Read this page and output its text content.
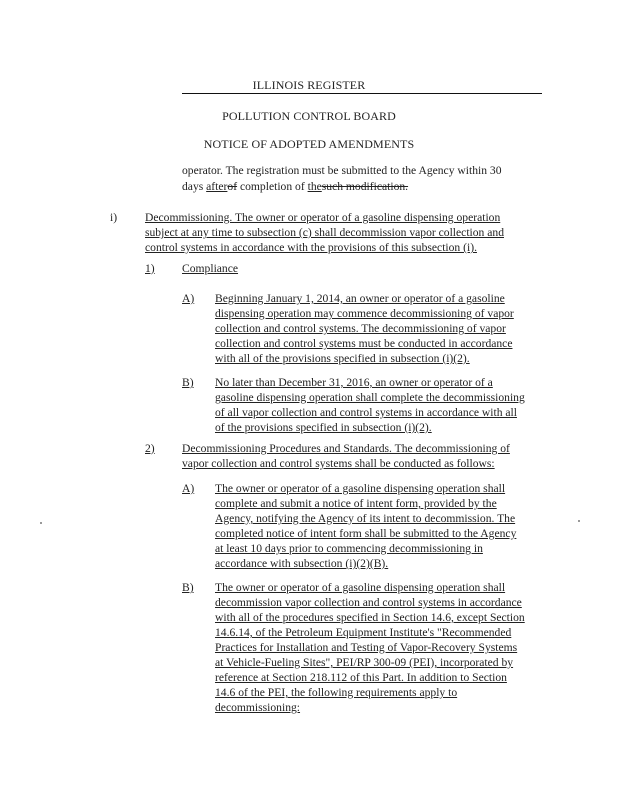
ILLINOIS REGISTER
POLLUTION CONTROL BOARD
NOTICE OF ADOPTED AMENDMENTS
operator. The registration must be submitted to the Agency within 30
days afterof completion of thesuch modification.
i) Decommissioning. The owner or operator of a gasoline dispensing operation
subject at any time to subsection (c) shall decommission vapor collection and
control systems in accordance with the provisions of this subsection (i).
1) Compliance
A) Beginning January 1, 2014, an owner or operator of a gasoline
dispensing operation may commence decommissioning of vapor
collection and control systems. The decommissioning of vapor
collection and control systems must be conducted in accordance
with all of the provisions specified in subsection (i)(2).
B) No later than December 31, 2016, an owner or operator of a
gasoline dispensing operation shall complete the decommissioning
of all vapor collection and control systems in accordance with all
of the provisions specified in subsection (i)(2).
2) Decommissioning Procedures and Standards. The decommissioning of
vapor collection and control systems shall be conducted as follows:
A) The owner or operator of a gasoline dispensing operation shall
complete and submit a notice of intent form, provided by the
Agency, notifying the Agency of its intent to decommission. The
completed notice of intent form shall be submitted to the Agency
at least 10 days prior to commencing decommissioning in
accordance with subsection (i)(2)(B).
B) The owner or operator of a gasoline dispensing operation shall
decommission vapor collection and control systems in accordance
with all of the procedures specified in Section 14.6, except Section
14.6.14, of the Petroleum Equipment Institute's "Recommended
Practices for Installation and Testing of Vapor-Recovery Systems
at Vehicle-Fueling Sites", PEI/RP 300-09 (PEI), incorporated by
reference at Section 218.112 of this Part. In addition to Section
14.6 of the PEI, the following requirements apply to
decommissioning:
